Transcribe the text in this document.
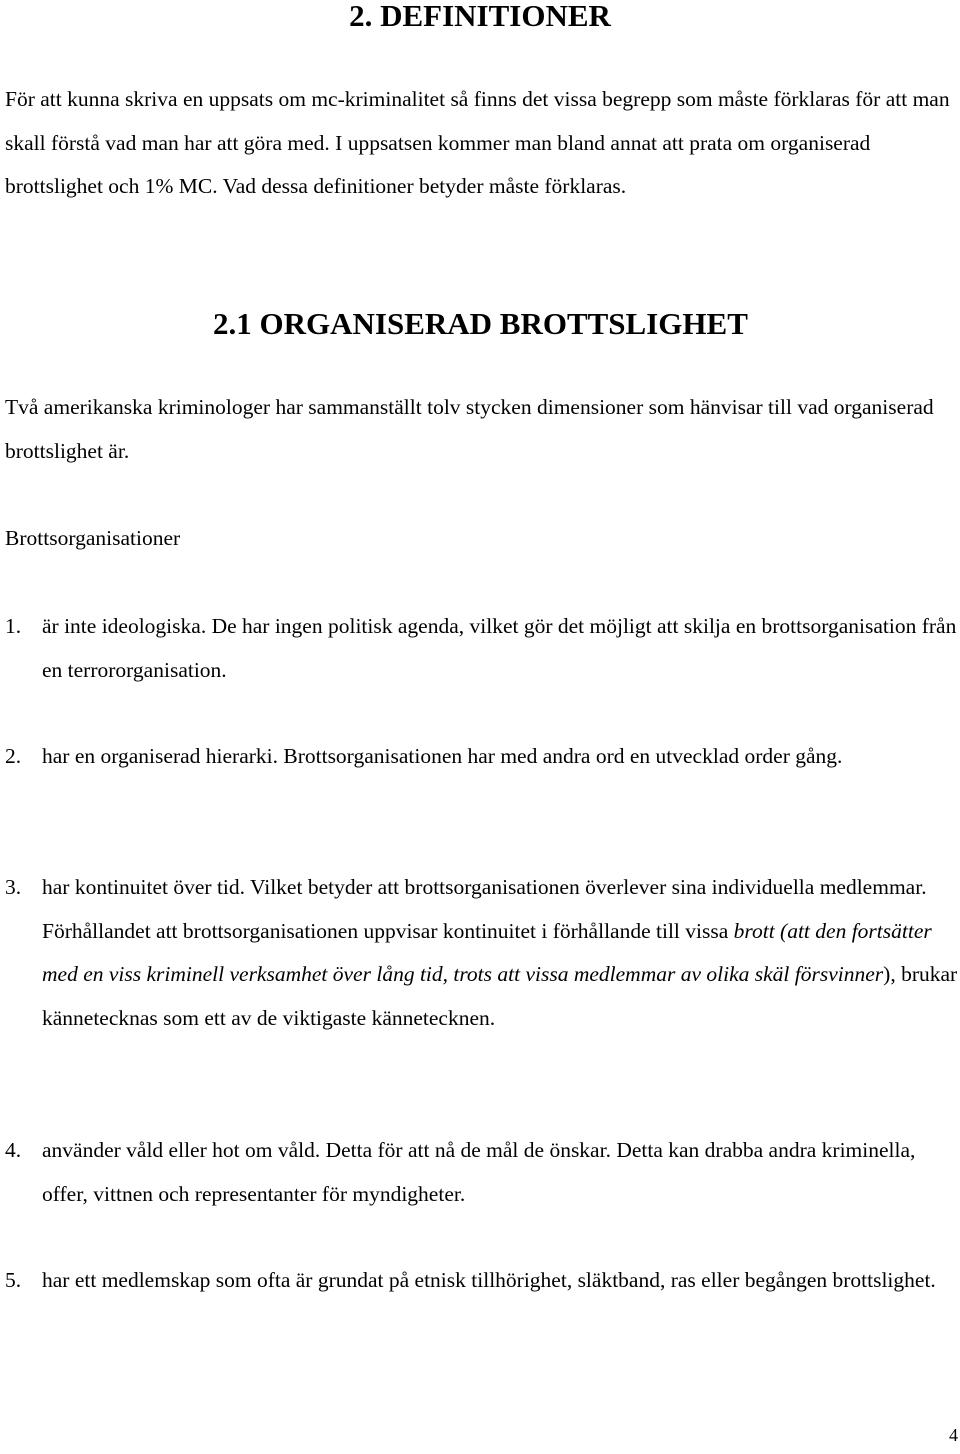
2. DEFINITIONER

För att kunna skriva en uppsats om mc-kriminalitet så finns det vissa begrepp som måste förklaras för att man skall förstå vad man har att göra med. I uppsatsen kommer man bland annat att prata om organiserad brottslighet och 1% MC. Vad dessa definitioner betyder måste förklaras.

2.1 ORGANISERAD BROTTSLIGHET

Två amerikanska kriminologer har sammanställt tolv stycken dimensioner som hänvisar till vad organiserad brottslighet är.

Brottsorganisationer

1. är inte ideologiska. De har ingen politisk agenda, vilket gör det möjligt att skilja en brottsorganisation från en terrororganisation.

2. har en organiserad hierarki. Brottsorganisationen har med andra ord en utvecklad order gång.

3. har kontinuitet över tid. Vilket betyder att brottsorganisationen överlever sina individuella medlemmar. Förhållandet att brottsorganisationen uppvisar kontinuitet i förhållande till vissa brott (att den fortsätter med en viss kriminell verksamhet över lång tid, trots att vissa medlemmar av olika skäl försvinner), brukar kännetecknas som ett av de viktigaste kännetecknen.

4. använder våld eller hot om våld. Detta för att nå de mål de önskar. Detta kan drabba andra kriminella, offer, vittnen och representanter för myndigheter.

5. har ett medlemskap som ofta är grundat på etnisk tillhörighet, släktband, ras eller begången brottslighet.

4
